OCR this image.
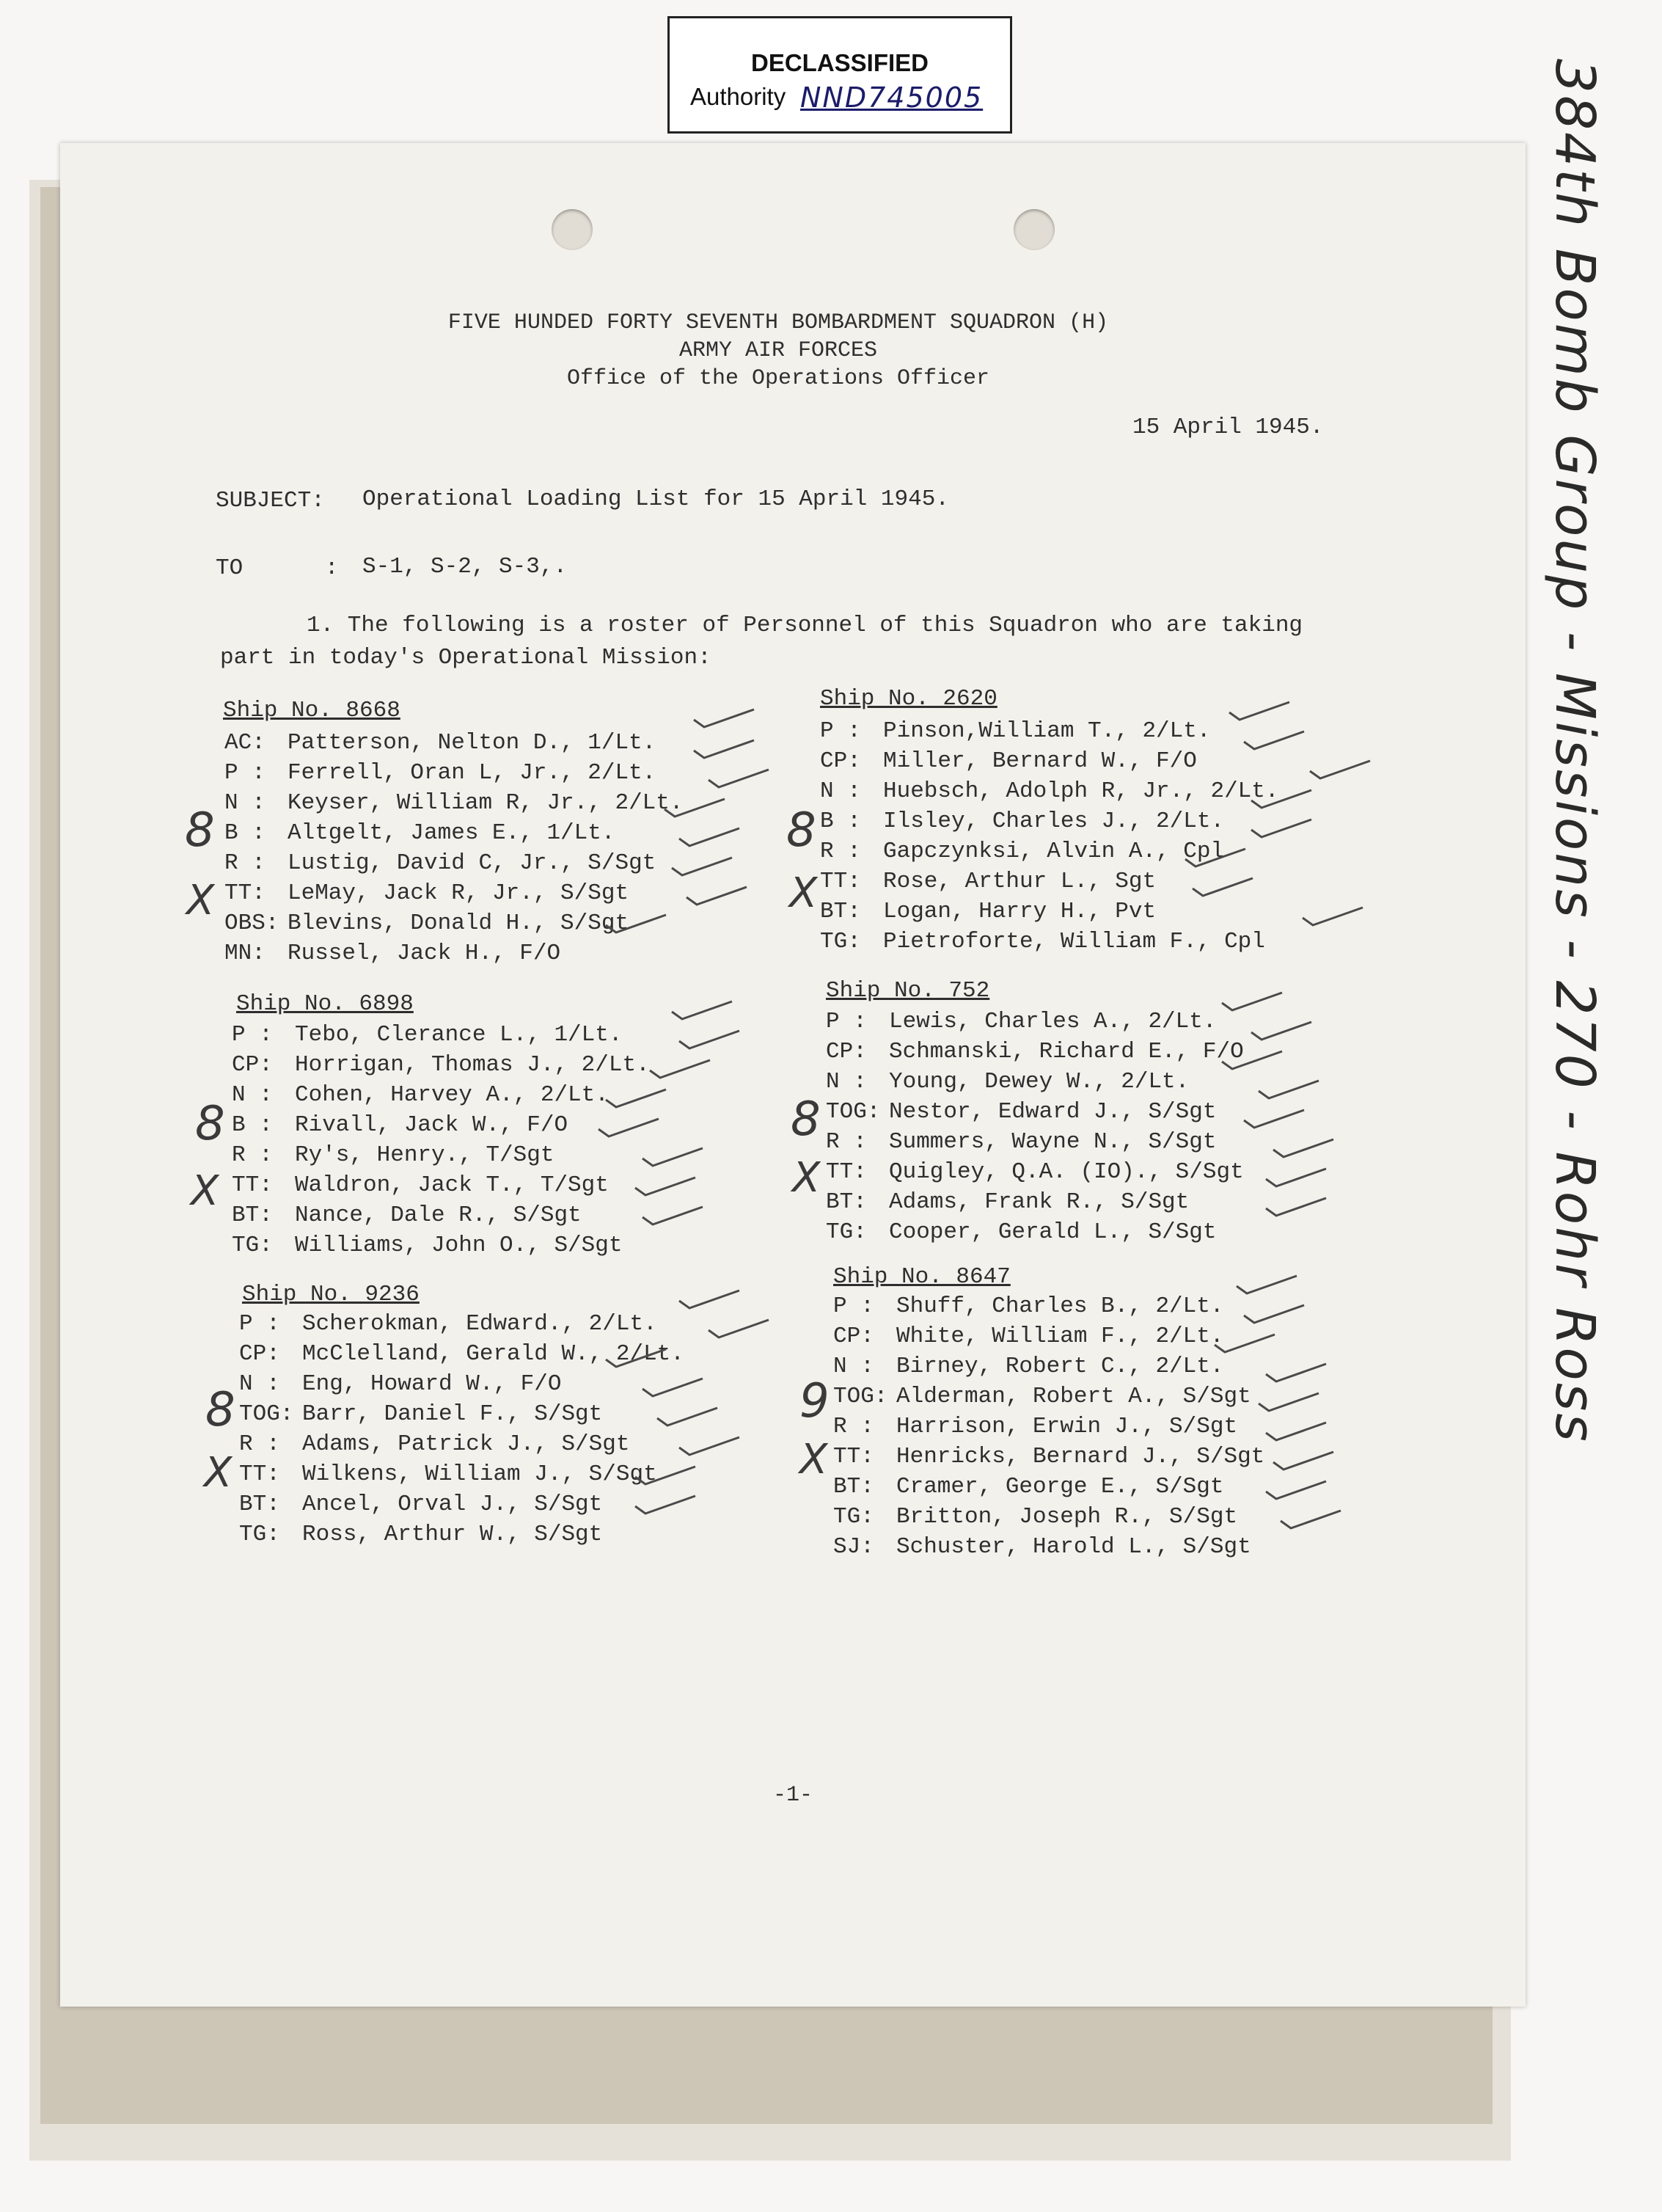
DECLASSIFIED
Authority NND745005	384th Bomb Group - Missions - 270 - Rohr Ross
FIVE HUNDED FORTY SEVENTH BOMBARDMENT SQUADRON (H)
ARMY AIR FORCES
Office of the Operations Officer
15 April 1945.
SUBJECT: Operational Loading List for 15 April 1945.
TO      : S-1, S-2, S-3,.
1. The following is a roster of Personnel of this Squadron who are taking
part in today's Operational Mission:
Ship No. 8668
AC: Patterson, Nelton D., 1/Lt.
P : Ferrell, Oran L, Jr., 2/Lt.
N : Keyser, William R, Jr., 2/Lt.
B : Altgelt, James E., 1/Lt.
R : Lustig, David C, Jr., S/Sgt
TT: LeMay, Jack R, Jr., S/Sgt
OBS: Blevins, Donald H., S/Sgt
MN: Russel, Jack H., F/O
Ship No. 2620
P : Pinson,William T., 2/Lt.
CP: Miller, Bernard W., F/O
N : Huebsch, Adolph R, Jr., 2/Lt.
B : Ilsley, Charles J., 2/Lt.
R : Gapczynksi, Alvin A., Cpl
TT: Rose, Arthur L., Sgt
BT: Logan, Harry H., Pvt
TG: Pietroforte, William F., Cpl
Ship No. 6898
P : Tebo, Clerance L., 1/Lt.
CP: Horrigan, Thomas J., 2/Lt.
N : Cohen, Harvey A., 2/Lt.
B : Rivall, Jack W., F/O
R : Ry's, Henry., T/Sgt
TT: Waldron, Jack T., T/Sgt
BT: Nance, Dale R., S/Sgt
TG: Williams, John O., S/Sgt
Ship No. 752
P : Lewis, Charles A., 2/Lt.
CP: Schmanski, Richard E., F/O
N : Young, Dewey W., 2/Lt.
TOG: Nestor, Edward J., S/Sgt
R : Summers, Wayne N., S/Sgt
TT: Quigley, Q.A. (IO)., S/Sgt
BT: Adams, Frank R., S/Sgt
TG: Cooper, Gerald L., S/Sgt
Ship No. 9236
P : Scherokman, Edward., 2/Lt.
CP: McClelland, Gerald W., 2/Lt.
N : Eng, Howard W., F/O
TOG: Barr, Daniel F., S/Sgt
R : Adams, Patrick J., S/Sgt
TT: Wilkens, William J., S/Sgt
BT: Ancel, Orval J., S/Sgt
TG: Ross, Arthur W., S/Sgt
Ship No. 8647
P : Shuff, Charles B., 2/Lt.
CP: White, William F., 2/Lt.
N : Birney, Robert C., 2/Lt.
TOG: Alderman, Robert A., S/Sgt
R : Harrison, Erwin J., S/Sgt
TT: Henricks, Bernard J., S/Sgt
BT: Cramer, George E., S/Sgt
TG: Britton, Joseph R., S/Sgt
SJ: Schuster, Harold L., S/Sgt
8
X
8
X
8
X
8
X
8
X
9
X
-1-
